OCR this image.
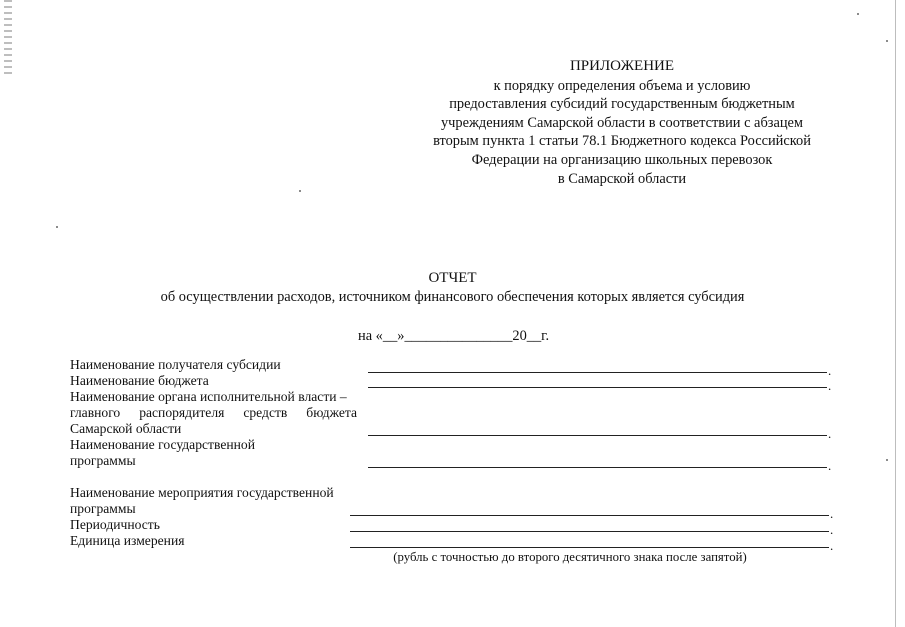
ПРИЛОЖЕНИЕ
к порядку определения объема и условию
предоставления субсидий государственным бюджетным
учреждениям Самарской области в соответствии с абзацем
вторым пункта 1 статьи 78.1 Бюджетного кодекса Российской
Федерации на организацию школьных перевозок
в Самарской области
ОТЧЕТ
об осуществлении расходов, источником финансового обеспечения которых является субсидия
на «__»_______________20__г.
Наименование получателя субсидии
Наименование бюджета
Наименование органа исполнительной власти –
главного распорядителя средств бюджета
Самарской области
Наименование государственной
программы
Наименование мероприятия государственной
программы
Периодичность
Единица измерения
.
.
.
.
.
.
.
(рубль с точностью до второго десятичного знака после запятой)
